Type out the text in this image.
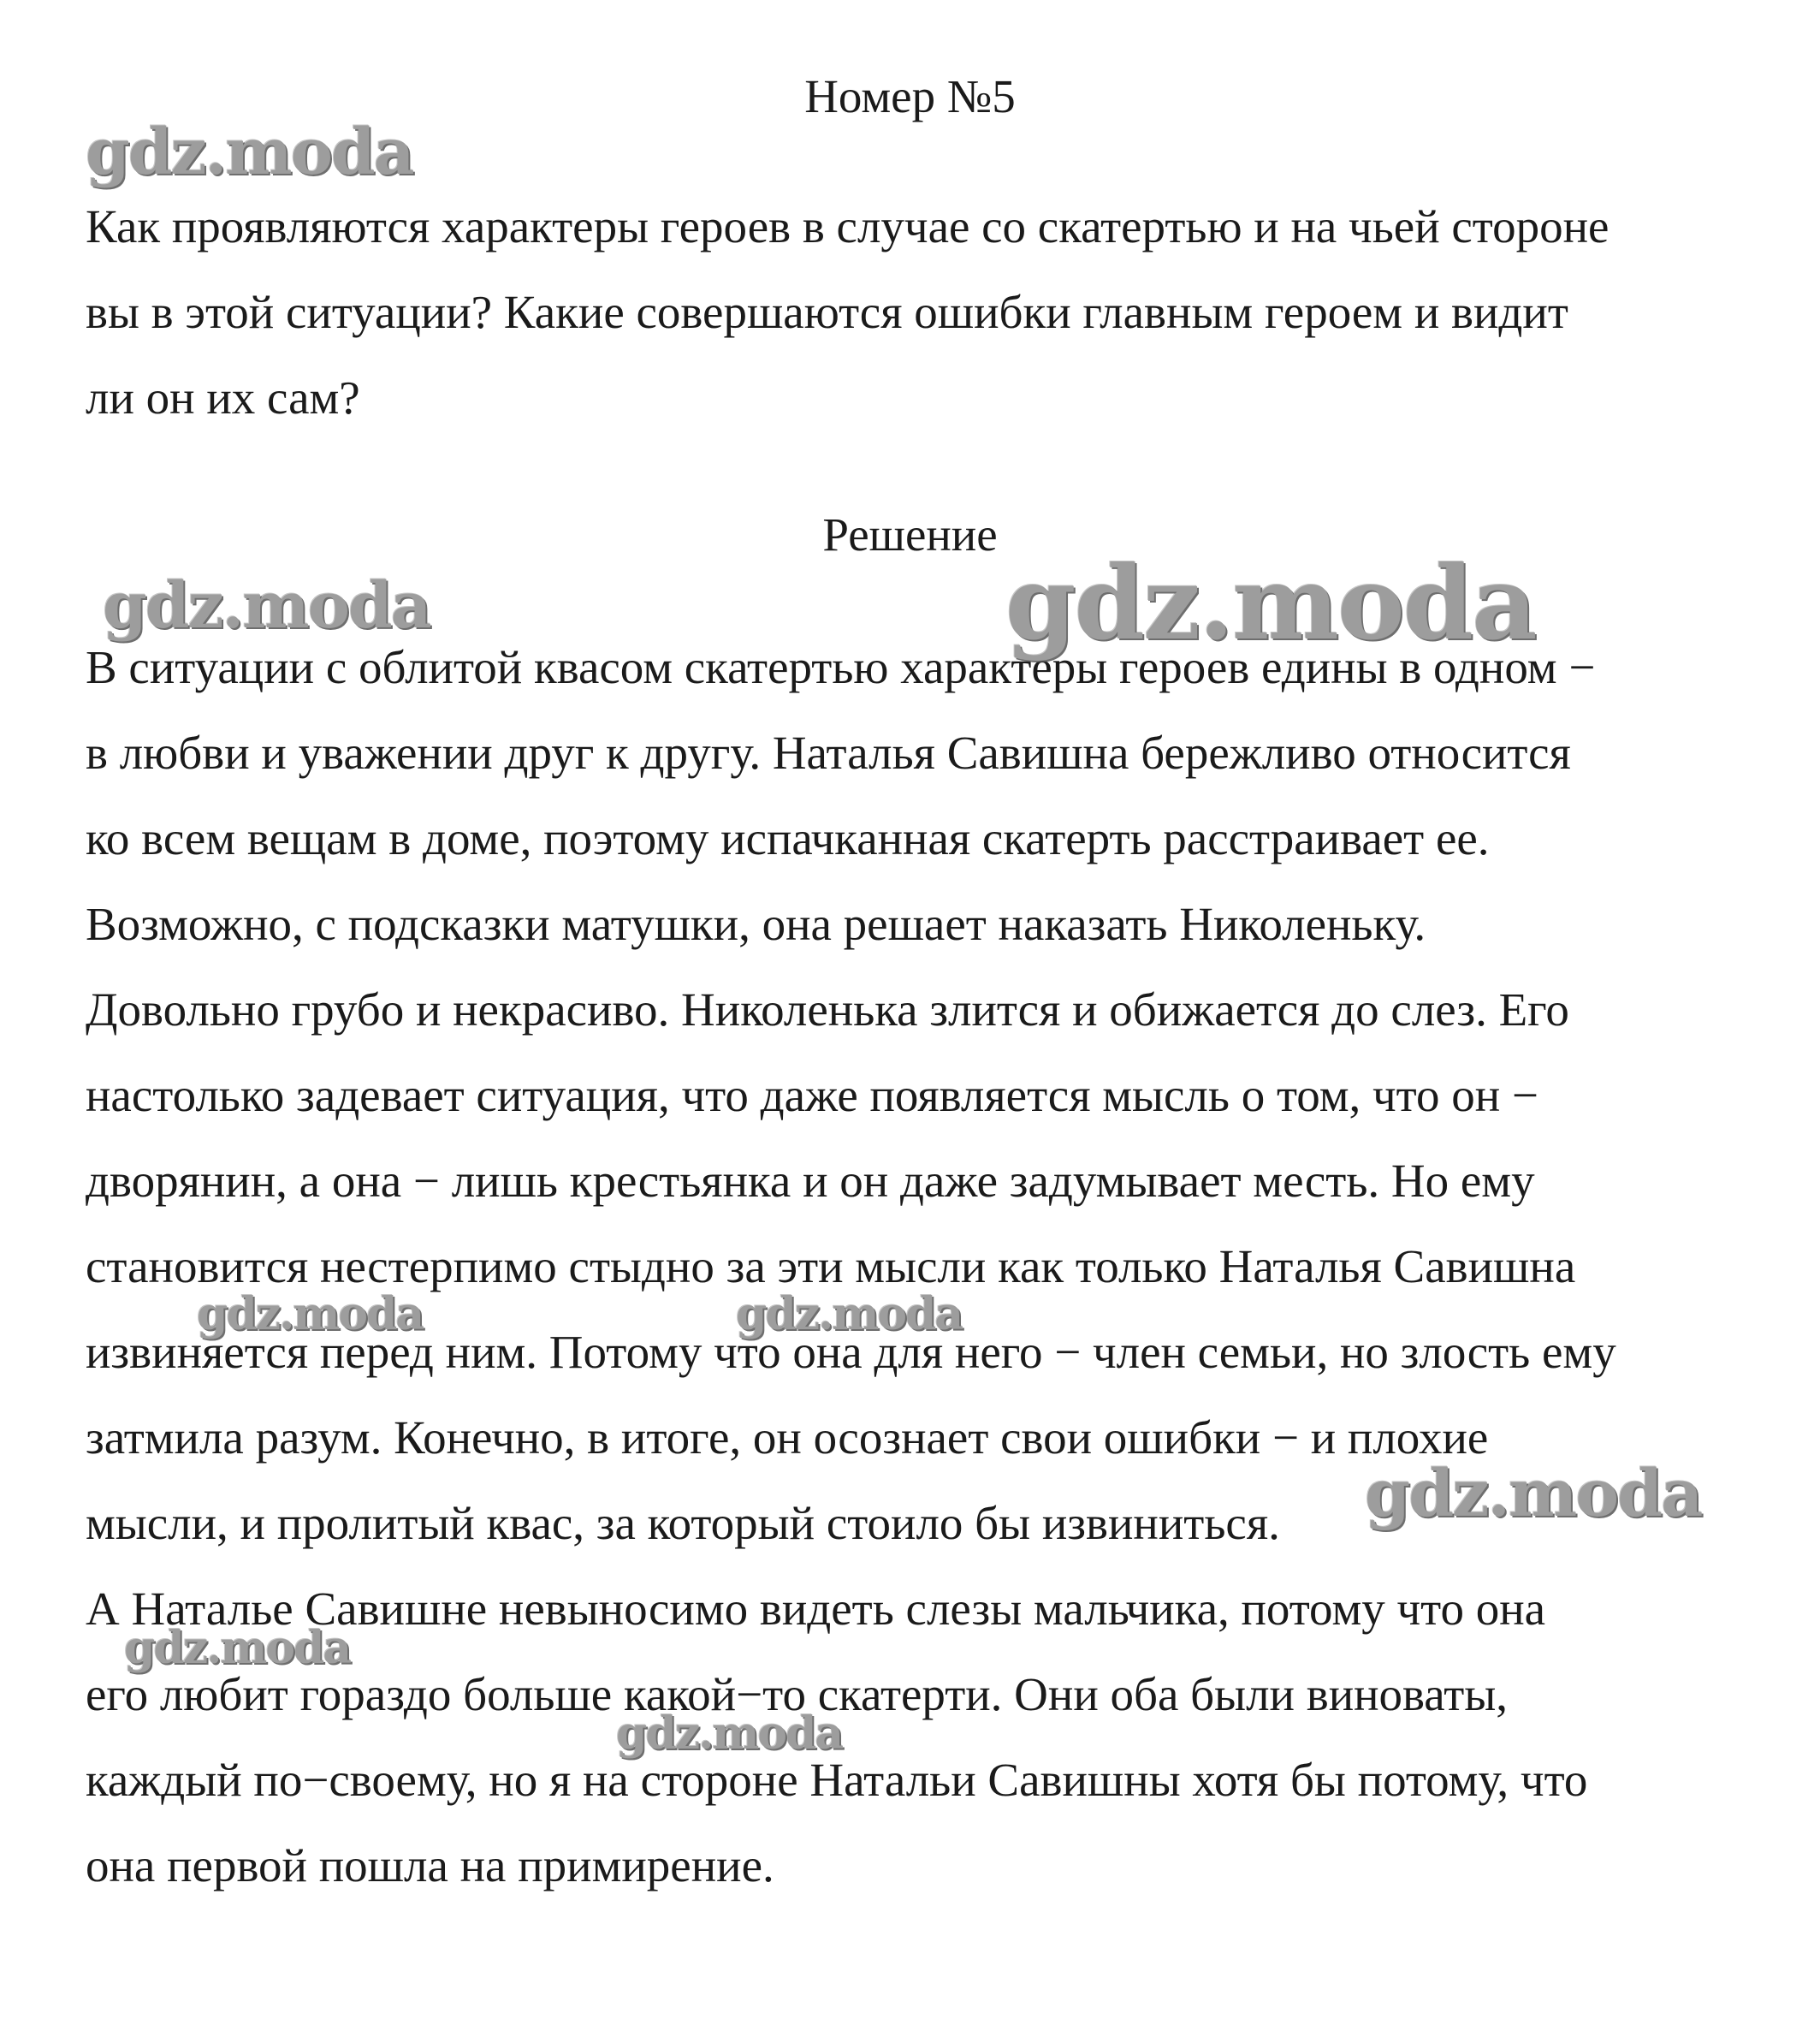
Номер №5
Как проявляются характеры героев в случае со скатертью и на чьей стороне
вы в этой ситуации? Какие совершаются ошибки главным героем и видит
ли он их сам?
Решение
В ситуации с облитой квасом скатертью характеры героев едины в одном −
в любви и уважении друг к другу. Наталья Савишна бережливо относится
ко всем вещам в доме, поэтому испачканная скатерть расстраивает ее.
Возможно, с подсказки матушки, она решает наказать Николеньку.
Довольно грубо и некрасиво. Николенька злится и обижается до слез. Его
настолько задевает ситуация, что даже появляется мысль о том, что он −
дворянин, а она − лишь крестьянка и он даже задумывает месть. Но ему
становится нестерпимо стыдно за эти мысли как только Наталья Савишна
извиняется перед ним. Потому что она для него − член семьи, но злость ему
затмила разум. Конечно, в итоге, он осознает свои ошибки − и плохие
мысли, и пролитый квас, за который стоило бы извиниться.
А Наталье Савишне невыносимо видеть слезы мальчика, потому что она
его любит гораздо больше какой−то скатерти. Они оба были виноваты,
каждый по−своему, но я на стороне Натальи Савишны хотя бы потому, что
она первой пошла на примирение.
gdz.moda
gdz.moda	gdz.moda
gdz.moda	gdz.moda
gdz.moda
gdz.moda
gdz.moda
